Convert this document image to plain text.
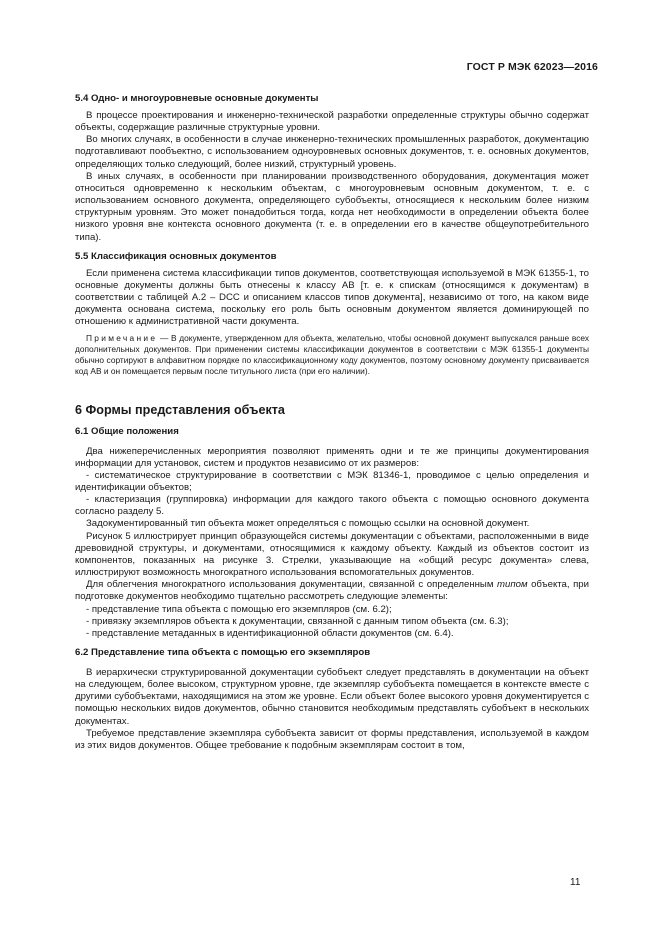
ГОСТ Р МЭК 62023—2016
5.4 Одно- и многоуровневые основные документы

В процессе проектирования и инженерно-технической разработки определенные структуры обычно содержат объекты, содержащие различные структурные уровни.

Во многих случаях, в особенности в случае инженерно-технических промышленных разработок, документацию подготавливают пообъектно, с использованием одноуровневых основных документов, т. е. основных документов, определяющих только следующий, более низкий, структурный уровень.

В иных случаях, в особенности при планировании производственного оборудования, документация может относиться одновременно к нескольким объектам, с многоуровневым основным документом, т. е. с использованием основного документа, определяющего субобъекты, относящиеся к нескольким более низким структурным уровням. Это может понадобиться тогда, когда нет необходимости в определении объекта более низкого уровня вне контекста основного документа (т. е. в определении его в качестве общеупотребительного типа).

5.5 Классификация основных документов

Если применена система классификации типов документов, соответствующая используемой в МЭК 61355-1, то основные документы должны быть отнесены к классу AB [т. е. к спискам (относящимся к документам) в соответствии с таблицей A.2 – DCC и описанием классов типов документа], независимо от того, на каком виде документа основана система, поскольку его роль быть основным документом является доминирующей по отношению к административной части документа.

Примечание — В документе, утвержденном для объекта, желательно, чтобы основной документ выпускался раньше всех дополнительных документов. При применении системы классификации документов в соответствии с МЭК 61355-1 документы обычно сортируют в алфавитном порядке по классификационному коду документов, поэтому основному документу присваивается код AB и он помещается первым после титульного листа (при его наличии).

6 Формы представления объекта
6.1 Общие положения

Два нижеперечисленных мероприятия позволяют применять одни и те же принципы документирования информации для установок, систем и продуктов независимо от их размеров:

- систематическое структурирование в соответствии с МЭК 81346-1, проводимое с целью определения и идентификации объектов;

- кластеризация (группировка) информации для каждого такого объекта с помощью основного документа согласно разделу 5.

Задокументированный тип объекта может определяться с помощью ссылки на основной документ.

Рисунок 5 иллюстрирует принцип образующейся системы документации с объектами, расположенными в виде древовидной структуры, и документами, относящимися к каждому объекту. Каждый из объектов состоит из компонентов, показанных на рисунке 3. Стрелки, указывающие на «общий ресурс документа» слева, иллюстрируют возможность многократного использования вспомогательных документов.

Для облегчения многократного использования документации, связанной с определенным типом объекта, при подготовке документов необходимо тщательно рассмотреть следующие элементы:

- представление типа объекта с помощью его экземпляров (см. 6.2);

- привязку экземпляров объекта к документации, связанной с данным типом объекта (см. 6.3);

- представление метаданных в идентификационной области документов (см. 6.4).

6.2 Представление типа объекта с помощью его экземпляров

В иерархически структурированной документации субобъект следует представлять в документации на объект на следующем, более высоком, структурном уровне, где экземпляр субобъекта помещается в контексте вместе с другими субобъектами, находящимися на этом же уровне. Если объект более высокого уровня документируется с помощью нескольких видов документов, обычно становится необходимым представлять субобъект в нескольких документах.

Требуемое представление экземпляра субобъекта зависит от формы представления, используемой в каждом из этих видов документов. Общее требование к подобным экземплярам состоит в том,

11
